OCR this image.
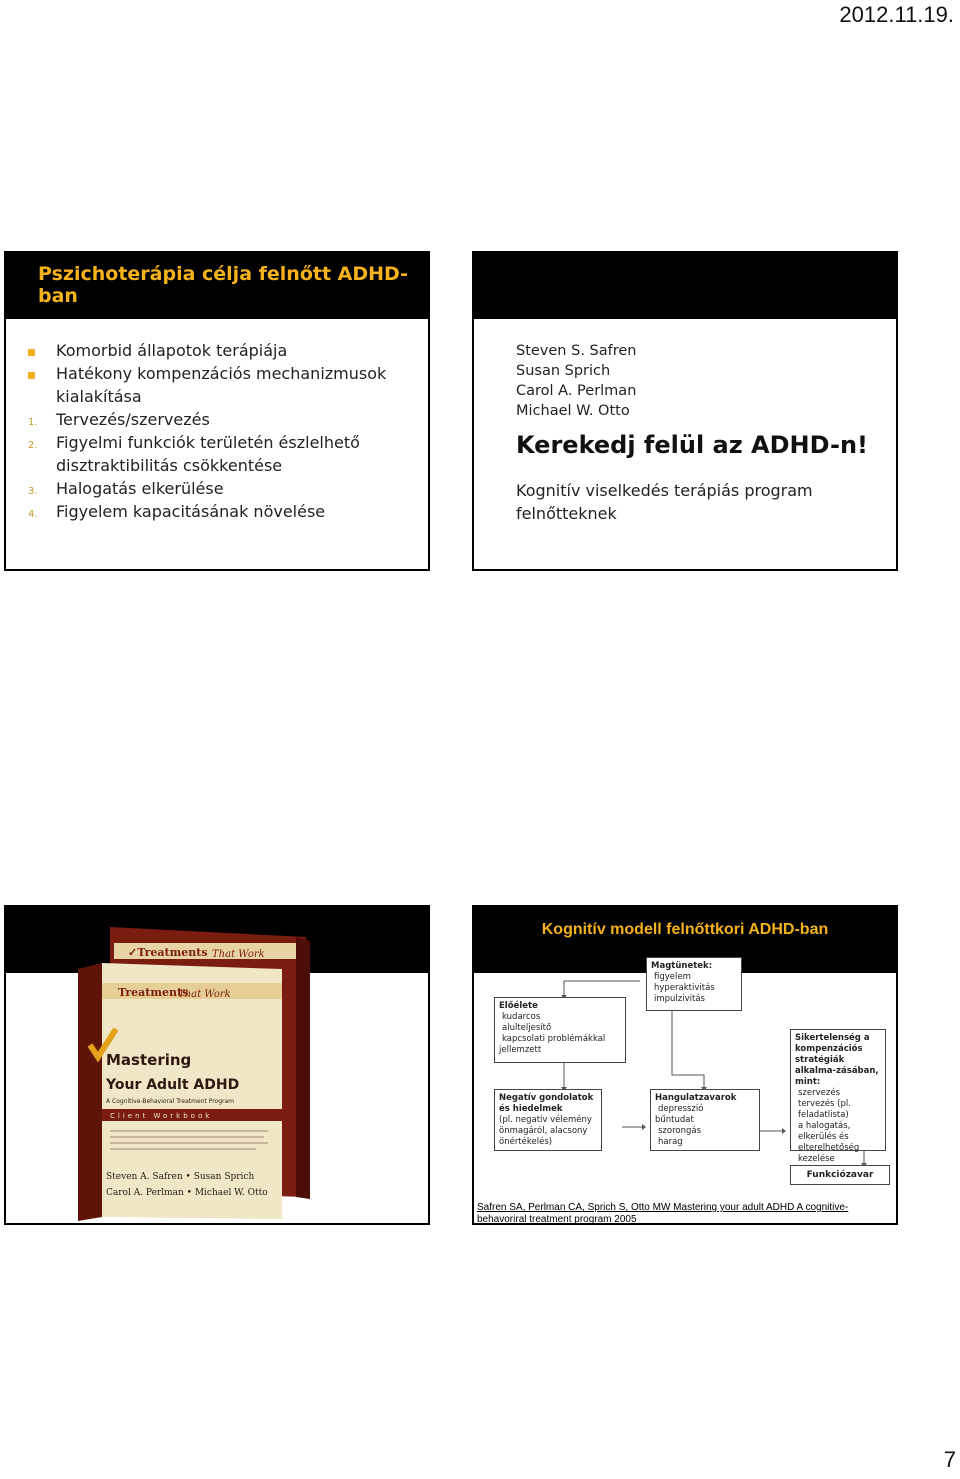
2012.11.19.
Pszichoterápia célja felnőtt ADHD-ban
Komorbid állapotok terápiája
Hatékony kompenzációs mechanizmusok kialakítása
1.	Tervezés/szervezés
2.	Figyelmi funkciók területén észlelhető disztraktibilitás csökkentése
3.	Halogatás elkerülése
4.	Figyelem kapacitásának növelése
Steven S. Safren
Susan Sprich
Carol A. Perlman
Michael W. Otto
Kerekedj felül az ADHD-n!
Kognitív viselkedés terápiás program felnőtteknek
✓Treatments That Work
Treatments
That Work
Mastering
Your Adult ADHD
A Cognitive-Behavioral Treatment Program
Client Workbook
Steven A. Safren • Susan Sprich
Carol A. Perlman • Michael W. Otto
Kognitív modell felnőttkori ADHD-ban
Magtünetek:
figyelem
hyperaktivitás
impulzivitás
Előélete
kudarcos
alulteljesítő
kapcsolati problémákkal
jellemzett
Negatív gondolatok és hiedelmek
(pl. negatív vélemény
önmagáról, alacsony
önértékelés)
Hangulatzavarok
depresszió
bűntudat
szorongás
harag
Sikertelenség a kompenzációs stratégiák alkalma-zásában, mint:
szervezés
tervezés (pl. feladatlista)
a halogatás, elkerülés és elterelhetőség kezelése
Funkciózavar
Safren SA, Perlman CA, Sprich S, Otto MW Mastering your adult ADHD A cognitive-behavoriral treatment program 2005
7
